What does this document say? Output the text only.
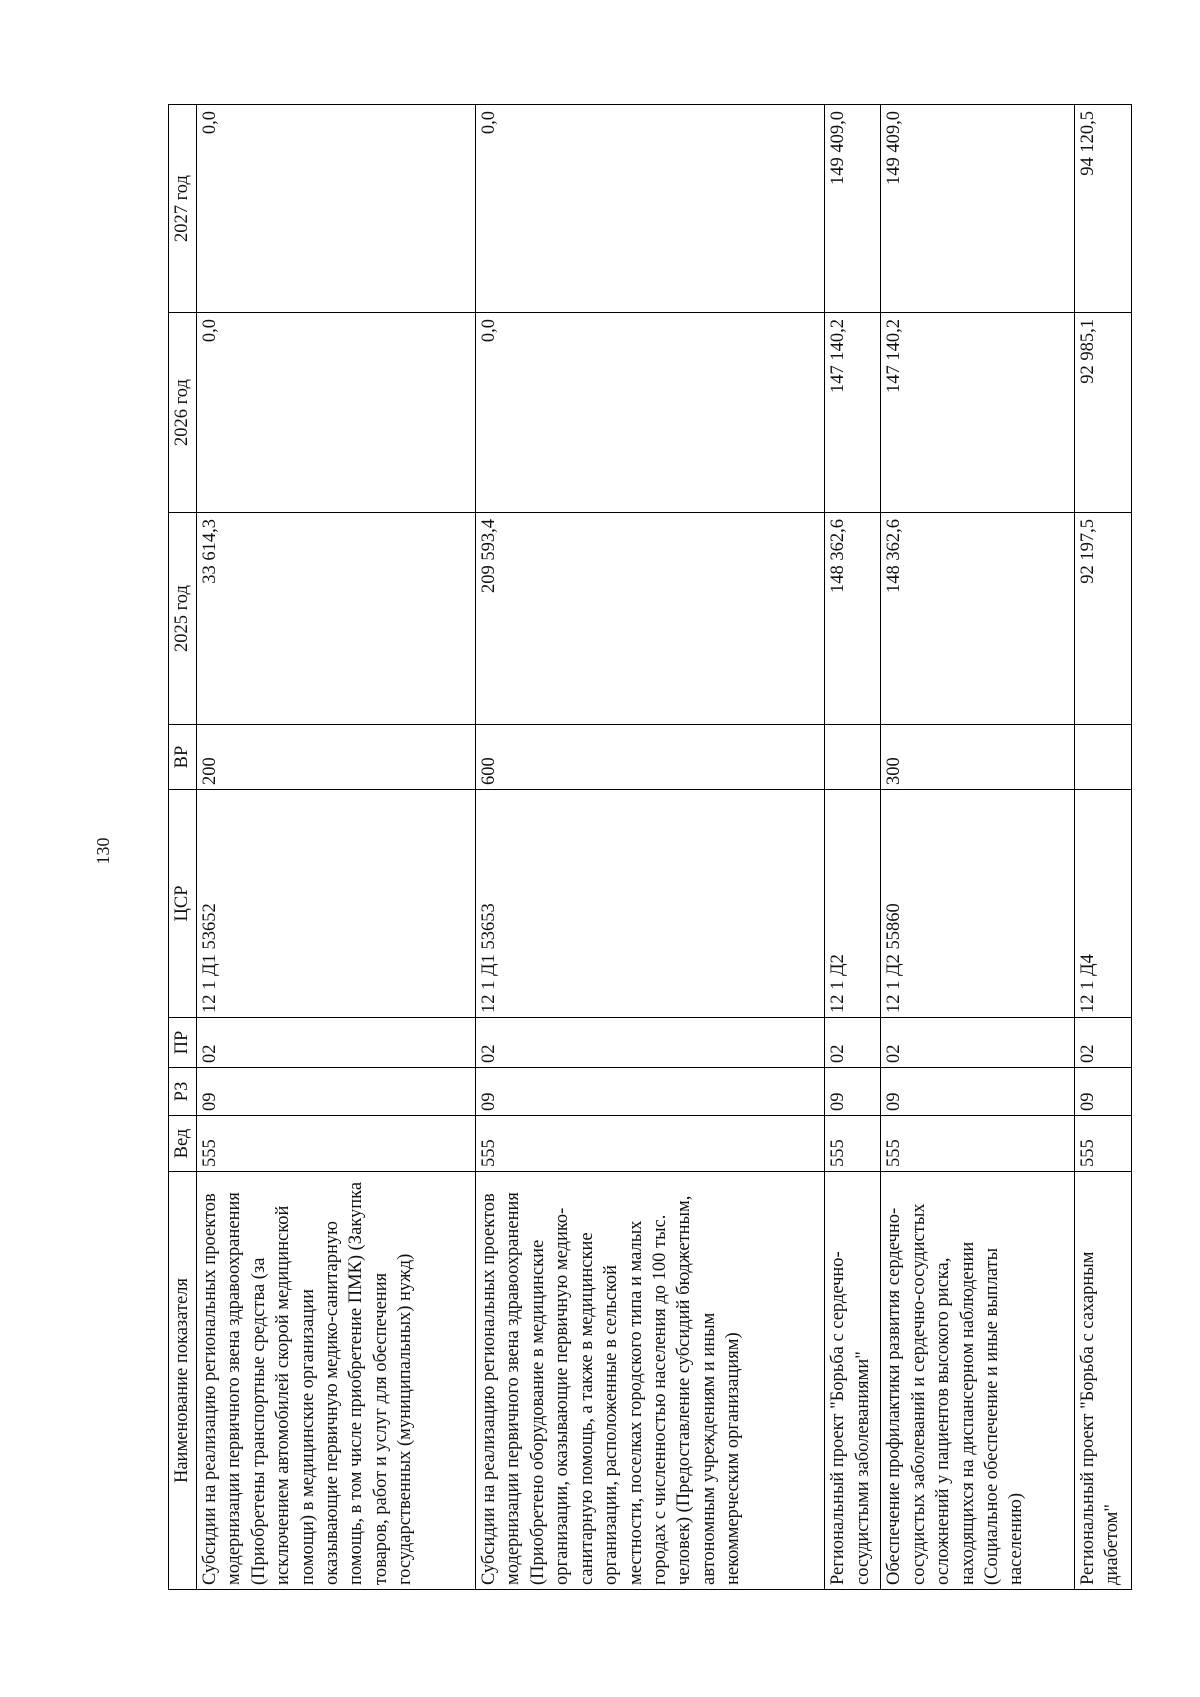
130
Наименование показателя	Вед	РЗ	ПР	ЦСР	ВР	2025 год	2026 год	2027 год
Субсидии на реализацию региональных проектов модернизации первичного звена здравоохранения (Приобретены транспортные средства (за исключением автомобилей скорой медицинской помощи) в медицинские организации оказывающие первичную медико-санитарную помощь, в том числе приобретение ПМК) (Закупка товаров, работ и услуг для обеспечения государственных (муниципальных) нужд)	555	09	02	12 1 Д1 53652	200	33 614,3	0,0	0,0
Субсидии на реализацию региональных проектов модернизации первичного звена здравоохранения (Приобретено оборудование в медицинские организации, оказывающие первичную медико-санитарную помощь, а также в медицинские организации, расположенные в сельской местности, поселках городского типа и малых городах с численностью населения до 100 тыс. человек) (Предоставление субсидий бюджетным, автономным учреждениям и иным некоммерческим организациям)	555	09	02	12 1 Д1 53653	600	209 593,4	0,0	0,0
Региональный проект "Борьба с сердечно-сосудистыми заболеваниями"	555	09	02	12 1 Д2		148 362,6	147 140,2	149 409,0
Обеспечение профилактики развития сердечно-сосудистых заболеваний и сердечно-сосудистых осложнений у пациентов высокого риска, находящихся на диспансерном наблюдении (Социальное обеспечение и иные выплаты населению)	555	09	02	12 1 Д2 55860	300	148 362,6	147 140,2	149 409,0
Региональный проект "Борьба с сахарным диабетом"	555	09	02	12 1 Д4		92 197,5	92 985,1	94 120,5
